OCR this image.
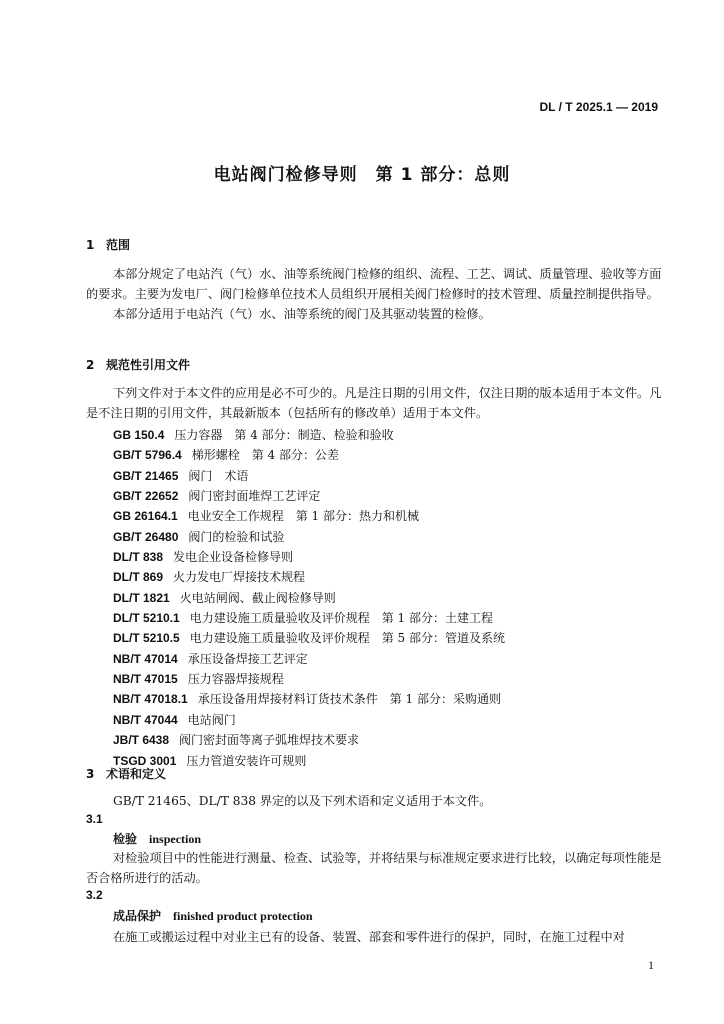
DL / T 2025.1 — 2019
电站阀门检修导则　第 1 部分：总则
1 范围

本部分规定了电站汽（气）水、油等系统阀门检修的组织、流程、工艺、调试、质量管理、验收等方面的要求。主要为发电厂、阀门检修单位技术人员组织开展相关阀门检修时的技术管理、质量控制提供指导。

本部分适用于电站汽（气）水、油等系统的阀门及其驱动装置的检修。

2 规范性引用文件

下列文件对于本文件的应用是必不可少的。凡是注日期的引用文件，仅注日期的版本适用于本文件。凡是不注日期的引用文件，其最新版本（包括所有的修改单）适用于本文件。

GB 150.4 压力容器　第 4 部分：制造、检验和验收
GB/T 5796.4 梯形螺栓　第 4 部分：公差
GB/T 21465 阀门　术语
GB/T 22652 阀门密封面堆焊工艺评定
GB 26164.1 电业安全工作规程　第 1 部分：热力和机械
GB/T 26480 阀门的检验和试验
DL/T 838 发电企业设备检修导则
DL/T 869 火力发电厂焊接技术规程
DL/T 1821 火电站闸阀、截止阀检修导则
DL/T 5210.1 电力建设施工质量验收及评价规程　第 1 部分：土建工程
DL/T 5210.5 电力建设施工质量验收及评价规程　第 5 部分：管道及系统
NB/T 47014 承压设备焊接工艺评定
NB/T 47015 压力容器焊接规程
NB/T 47018.1 承压设备用焊接材料订货技术条件　第 1 部分：采购通则
NB/T 47044 电站阀门
JB/T 6438 阀门密封面等离子弧堆焊技术要求
TSGD 3001 压力管道安装许可规则
3 术语和定义

GB/T 21465、DL/T 838 界定的以及下列术语和定义适用于本文件。

3.1
检验 inspection

对检验项目中的性能进行测量、检查、试验等，并将结果与标准规定要求进行比较，以确定每项性能是否合格所进行的活动。

3.2
成品保护 finished product protection

在施工或搬运过程中对业主已有的设备、装置、部套和零件进行的保护，同时，在施工过程中对

1
